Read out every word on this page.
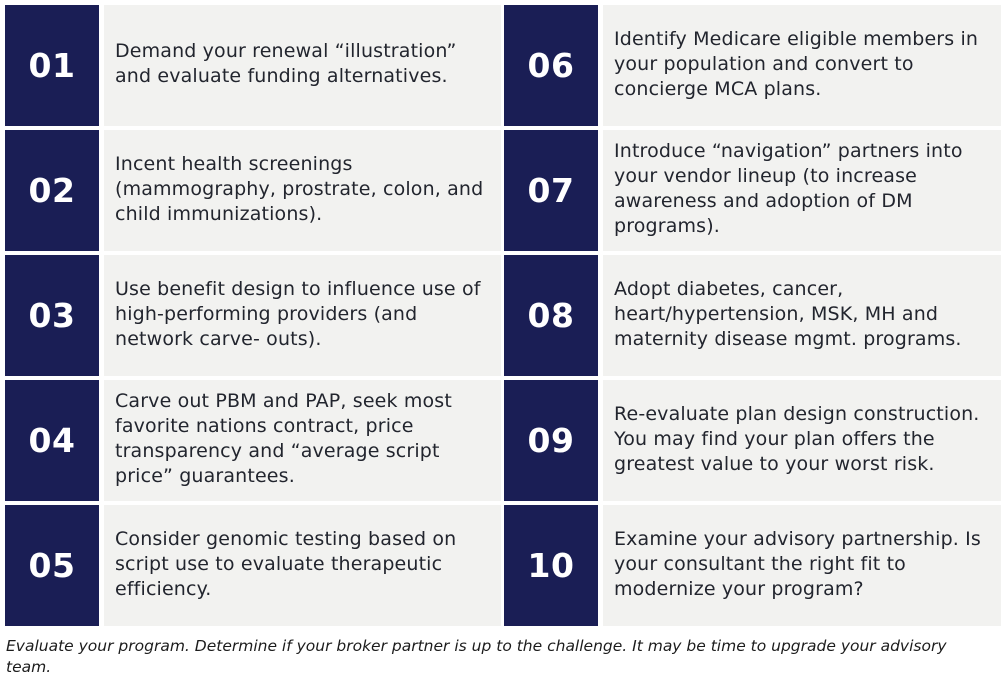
01	Demand your renewal “illustration” and evaluate funding alternatives.
02
Incent health screenings (mammography, prostrate, colon, and child immunizations).
03
Use benefit design to influence use of high-performing providers (and network carve- outs).
04
Carve out PBM and PAP, seek most favorite nations contract, price transparency and “average script price” guarantees.
05
Consider genomic testing based on script use to evaluate therapeutic efficiency.
06
Identify Medicare eligible members in your population and convert to concierge MCA plans.
07
Introduce “navigation” partners into your vendor lineup (to increase awareness and adoption of DM programs).
08
Adopt diabetes, cancer, heart/hypertension, MSK, MH and maternity disease mgmt. programs.
09
Re-evaluate plan design construction. You may find your plan offers the greatest value to your worst risk.
10
Examine your advisory partnership. Is your consultant the right fit to modernize your program?
Evaluate your program. Determine if your broker partner is up to the challenge. It may be time to upgrade your advisory team.
